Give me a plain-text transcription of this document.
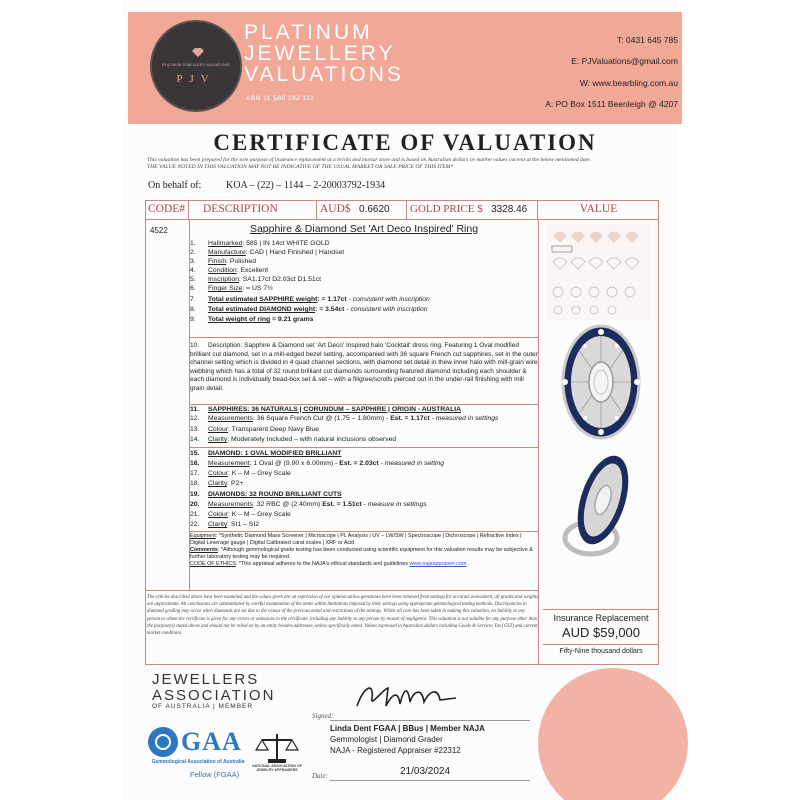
PLATINUM JEWELLERY VALUATIONS
PJV
PLATINUM
JEWELLERY
VALUATIONS
ABN 11 588 192 112
T: 0431 645 785
E: PJValuations@gmail.com
W: www.bearbling.com.au
A: PO Box 1511 Beenleigh @ 4207
CERTIFICATE OF VALUATION
This valuation has been prepared for the sole purpose of insurance replacement at a bricks and mortar store and is based on Australian dollars or market values current at the below mentioned date.
THE VALUE NOTED IN THIS VALUATION MAY NOT BE INDICATIVE OF THE USUAL MARKET OR SALE PRICE OF THIS ITEM*
On behalf of: KOA – (22) – 1144 – 2-20003792-1934
CODE#	DESCRIPTION	AUD$ 0.6620	GOLD PRICE $ 3328.46	VALUE
4522	Sapphire & Diamond Set 'Art Deco Inspired' Ring
1. Hallmarked: 585 | IN 14ct WHITE GOLD
2. Manufacture: CAD | Hand Finished | Handset
3. Finish: Polished
4. Condition: Excellent
5. Inscription: SA1.17ct D2.03ct D1.51ct
6. Finger Size: = US 7½
7. Total estimated SAPPHIRE weight: = 1.17ct - consistent with inscription
8. Total estimated DIAMOND weight: = 3.54ct - consistent with inscription
9. Total weight of ring = 9.21 grams
10. Description: Sapphire & Diamond set 'Art Deco' Inspired halo 'Cocktail' dress ring. Featuring 1 Oval modified brilliant cut diamond, set in a mill-edged bezel setting, accompanied with 36 square French cut sapphires, set in the outer channel setting which is divided in 4 quad channel sections, with diamond set detail in thew inner halo with mill-grain wire webbing which has a total of 32 round brilliant cut diamonds surrounding featured diamond including each shoulder & each diamond is individually bead-box set & set – with a filigree/scrolls pierced out in the under-rail finishing with mill grain detail.
11. SAPPHIRES: 36 NATURALS | CORUNDUM – SAPPHIRE | ORIGIN - AUSTRALIA
12. Measurements: 36 Square French Cut @ (1.75 – 1.80mm) - Est. = 1.17ct - measured in settings
13. Colour: Transparent Deep Navy Blue
14. Clarity: Moderately Included – with natural inclusions observed
15. DIAMOND: 1 OVAL MODIFIED BRILLIANT
16. Measurement: 1 Oval @ (9.90 x 6.00mm) - Est. = 2.03ct - measured in setting
17. Colour: K – M – Grey Scale
18. Clarity: P2+
19. DIAMONDS: 32 ROUND BRILLIANT CUTS
20. Measurements: 32 RBC @ (2.40mm) Est. = 1.51ct - measure in settings
21. Colour: K – M – Grey Scale
22. Clarity: SI1 – SI2
Equipment: *Synthetic Diamond Mass Screener | Microscope | PL Analysis | UV – LW/SW | Spectroscope | Dichroscope | Refractive Index | Digital Leverage gauge | Digital Calibrated carat scales | XRF or Acid
Comments: *Although gemmological grade testing has been conducted using scientific equipment for this valuation results may be subjective & further laboratory testing may be required.
CODE OF ETHICS: *This appraisal adheres to the NAJA's ethical standards and guidelines www.najaappraiser.com
The articles described above have been examined and the values given are an expression of our opinion unless gemstones have been removed from settings for accurate assessment, all grades and weights are approximate. All conclusions are substantiated by careful examination of the items within limitations imposed by their settings using appropriate gemmological testing methods. Discrepancies in diamond grading may occur when diamonds are set due to the colour of the precious metal and restrictions of the settings. Whilst all care has been taken in making this valuation, no liability to any person to whom the certificate is given for any errors or omissions in the certificate, including any liability to any person by reason of negligence. This valuation is not suitable for any purpose other than the purpose(s) stated above and should not be relied on by an entity besides addressee, unless specifically noted. Values expressed in Australian dollars including Goods & Services Tax (GST) and current market conditions.
Insurance Replacement
AUD $59,000
Fifty-Nine thousand dollars
JEWELLERS
ASSOCIATION
OF AUSTRALIA | MEMBER
GAA
Gemmological Association of Australia
Fellow (FGAA)
NATIONAL ASSOCIATION OF JEWELRY APPRAISERS
Signed:
Linda Dent FGAA | BBus | Member NAJA
Gemmologist | Diamond Grader
NAJA - Registered Appraiser #22312
Date:	21/03/2024
